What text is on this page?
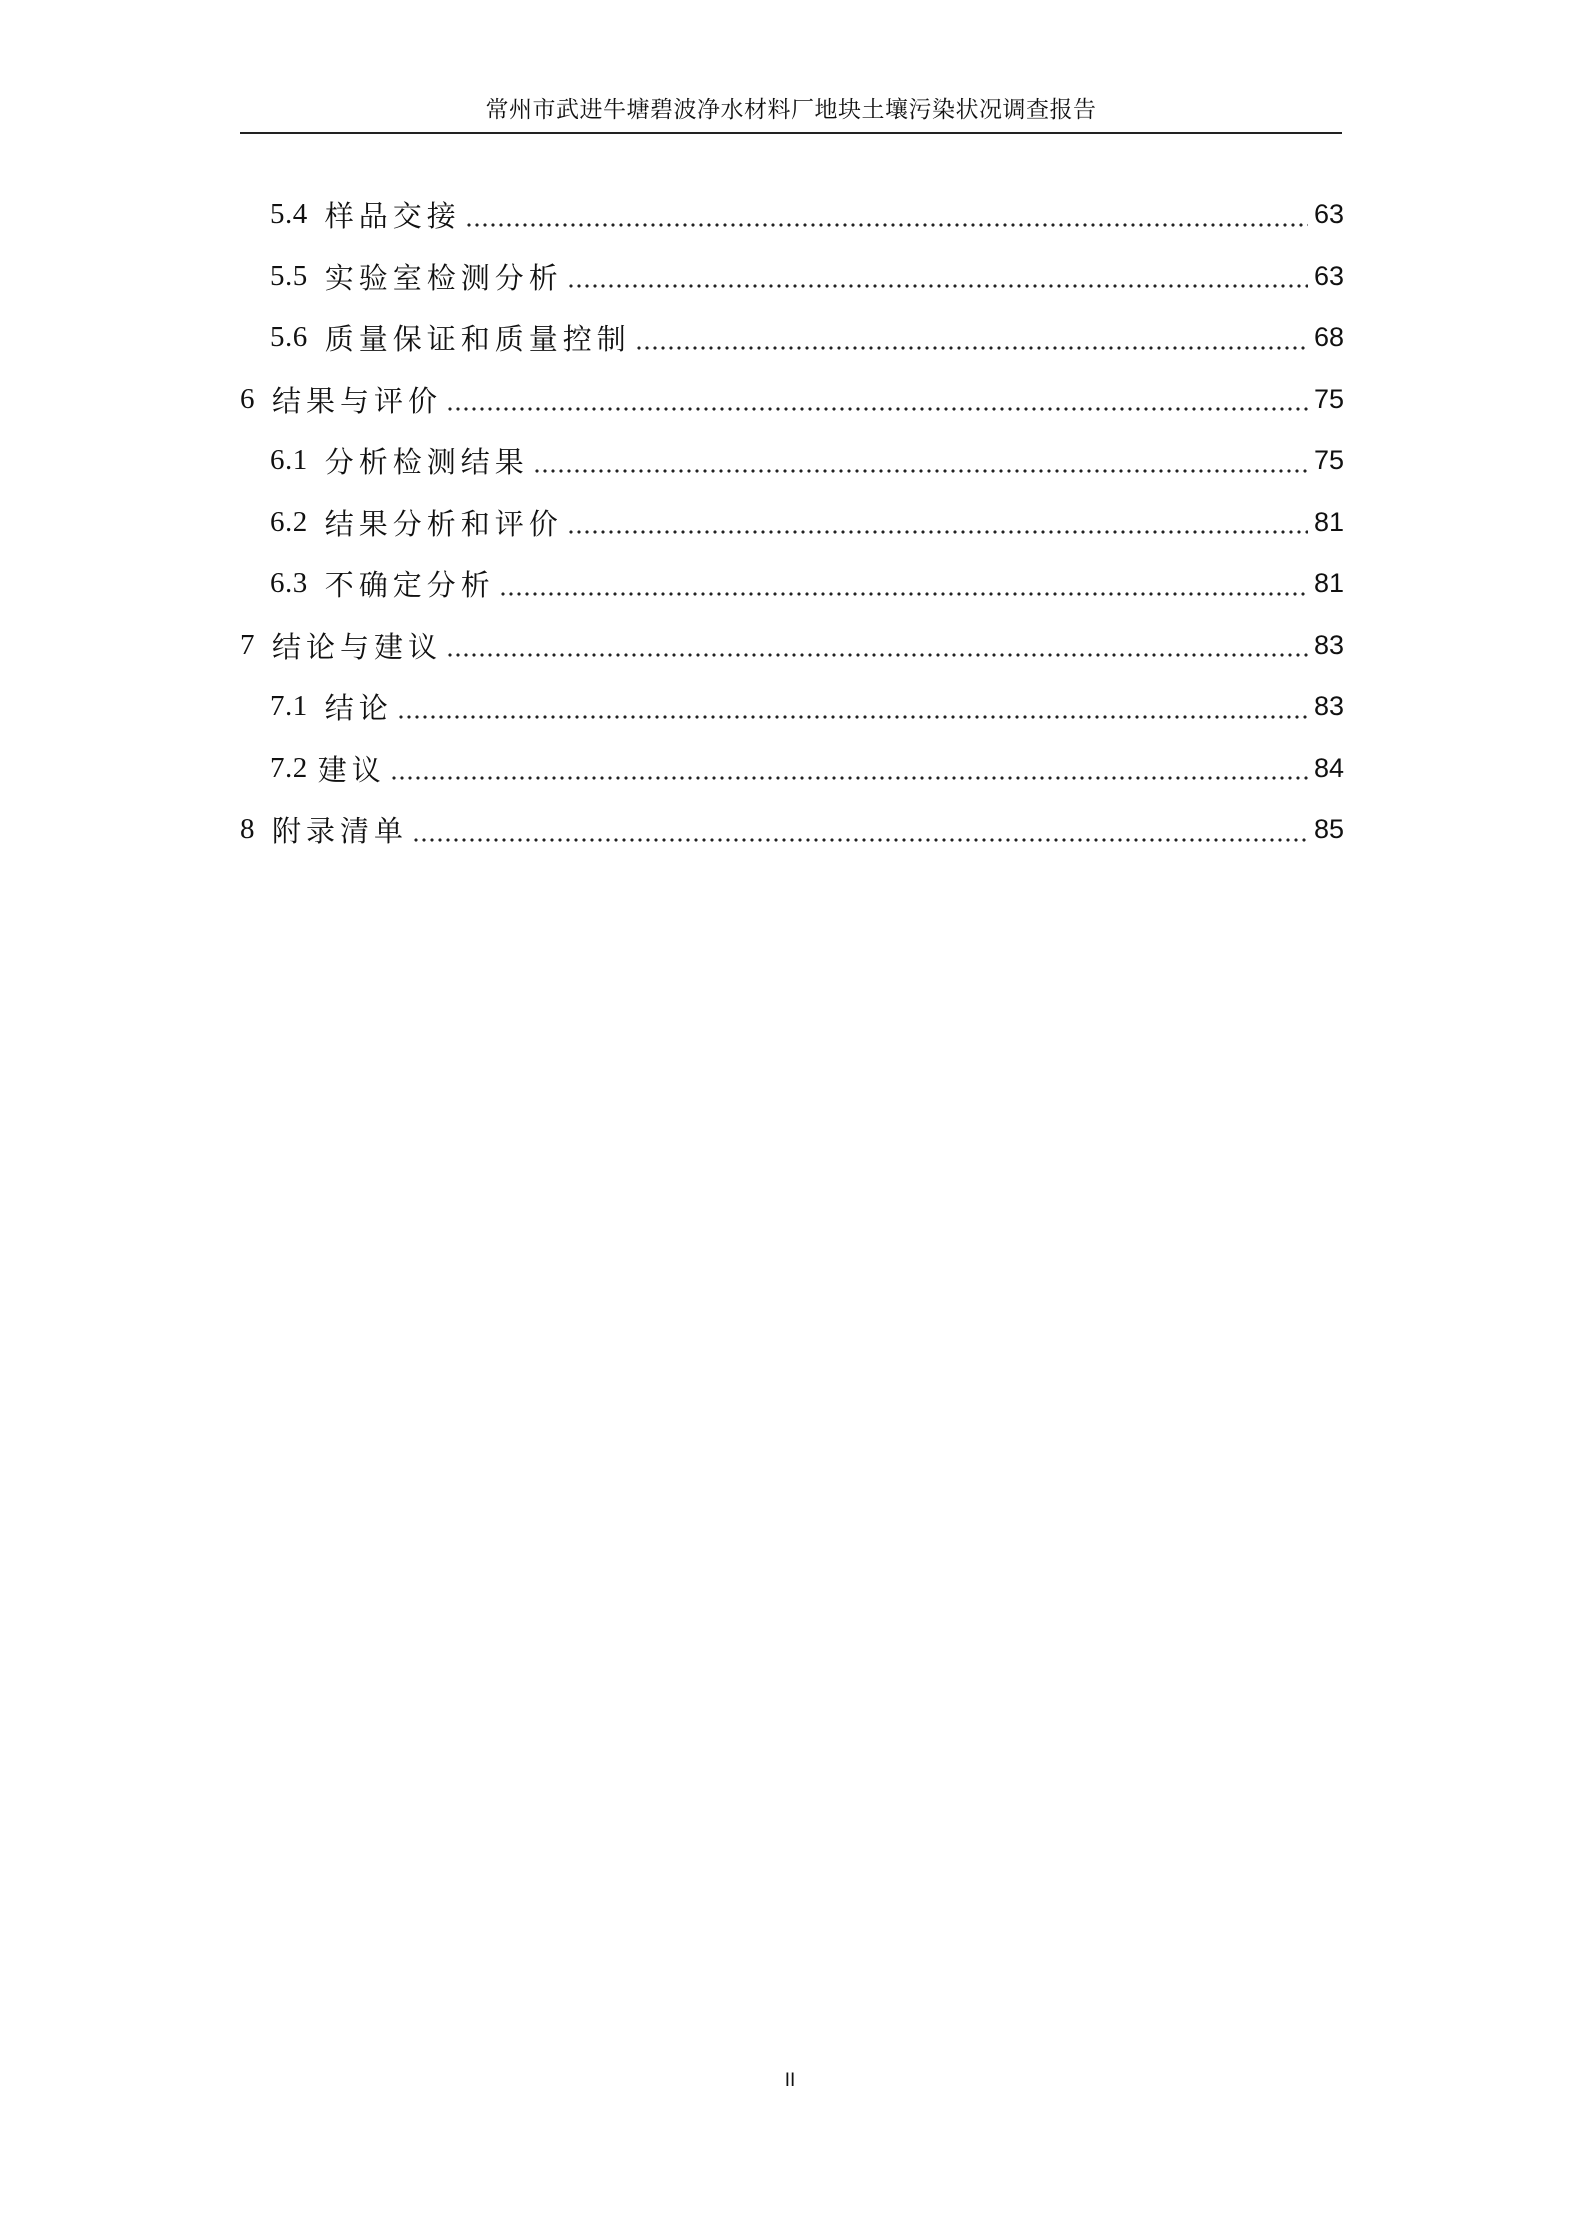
常州市武进牛塘碧波净水材料厂地块土壤污染状况调查报告
5.4 样品交接	63
5.5 实验室检测分析	63
5.6 质量保证和质量控制	68
6 结果与评价	75
6.1 分析检测结果	75
6.2 结果分析和评价	81
6.3 不确定分析	81
7 结论与建议	83
7.1 结论	83
7.2 建议	84
8 附录清单	85
II
